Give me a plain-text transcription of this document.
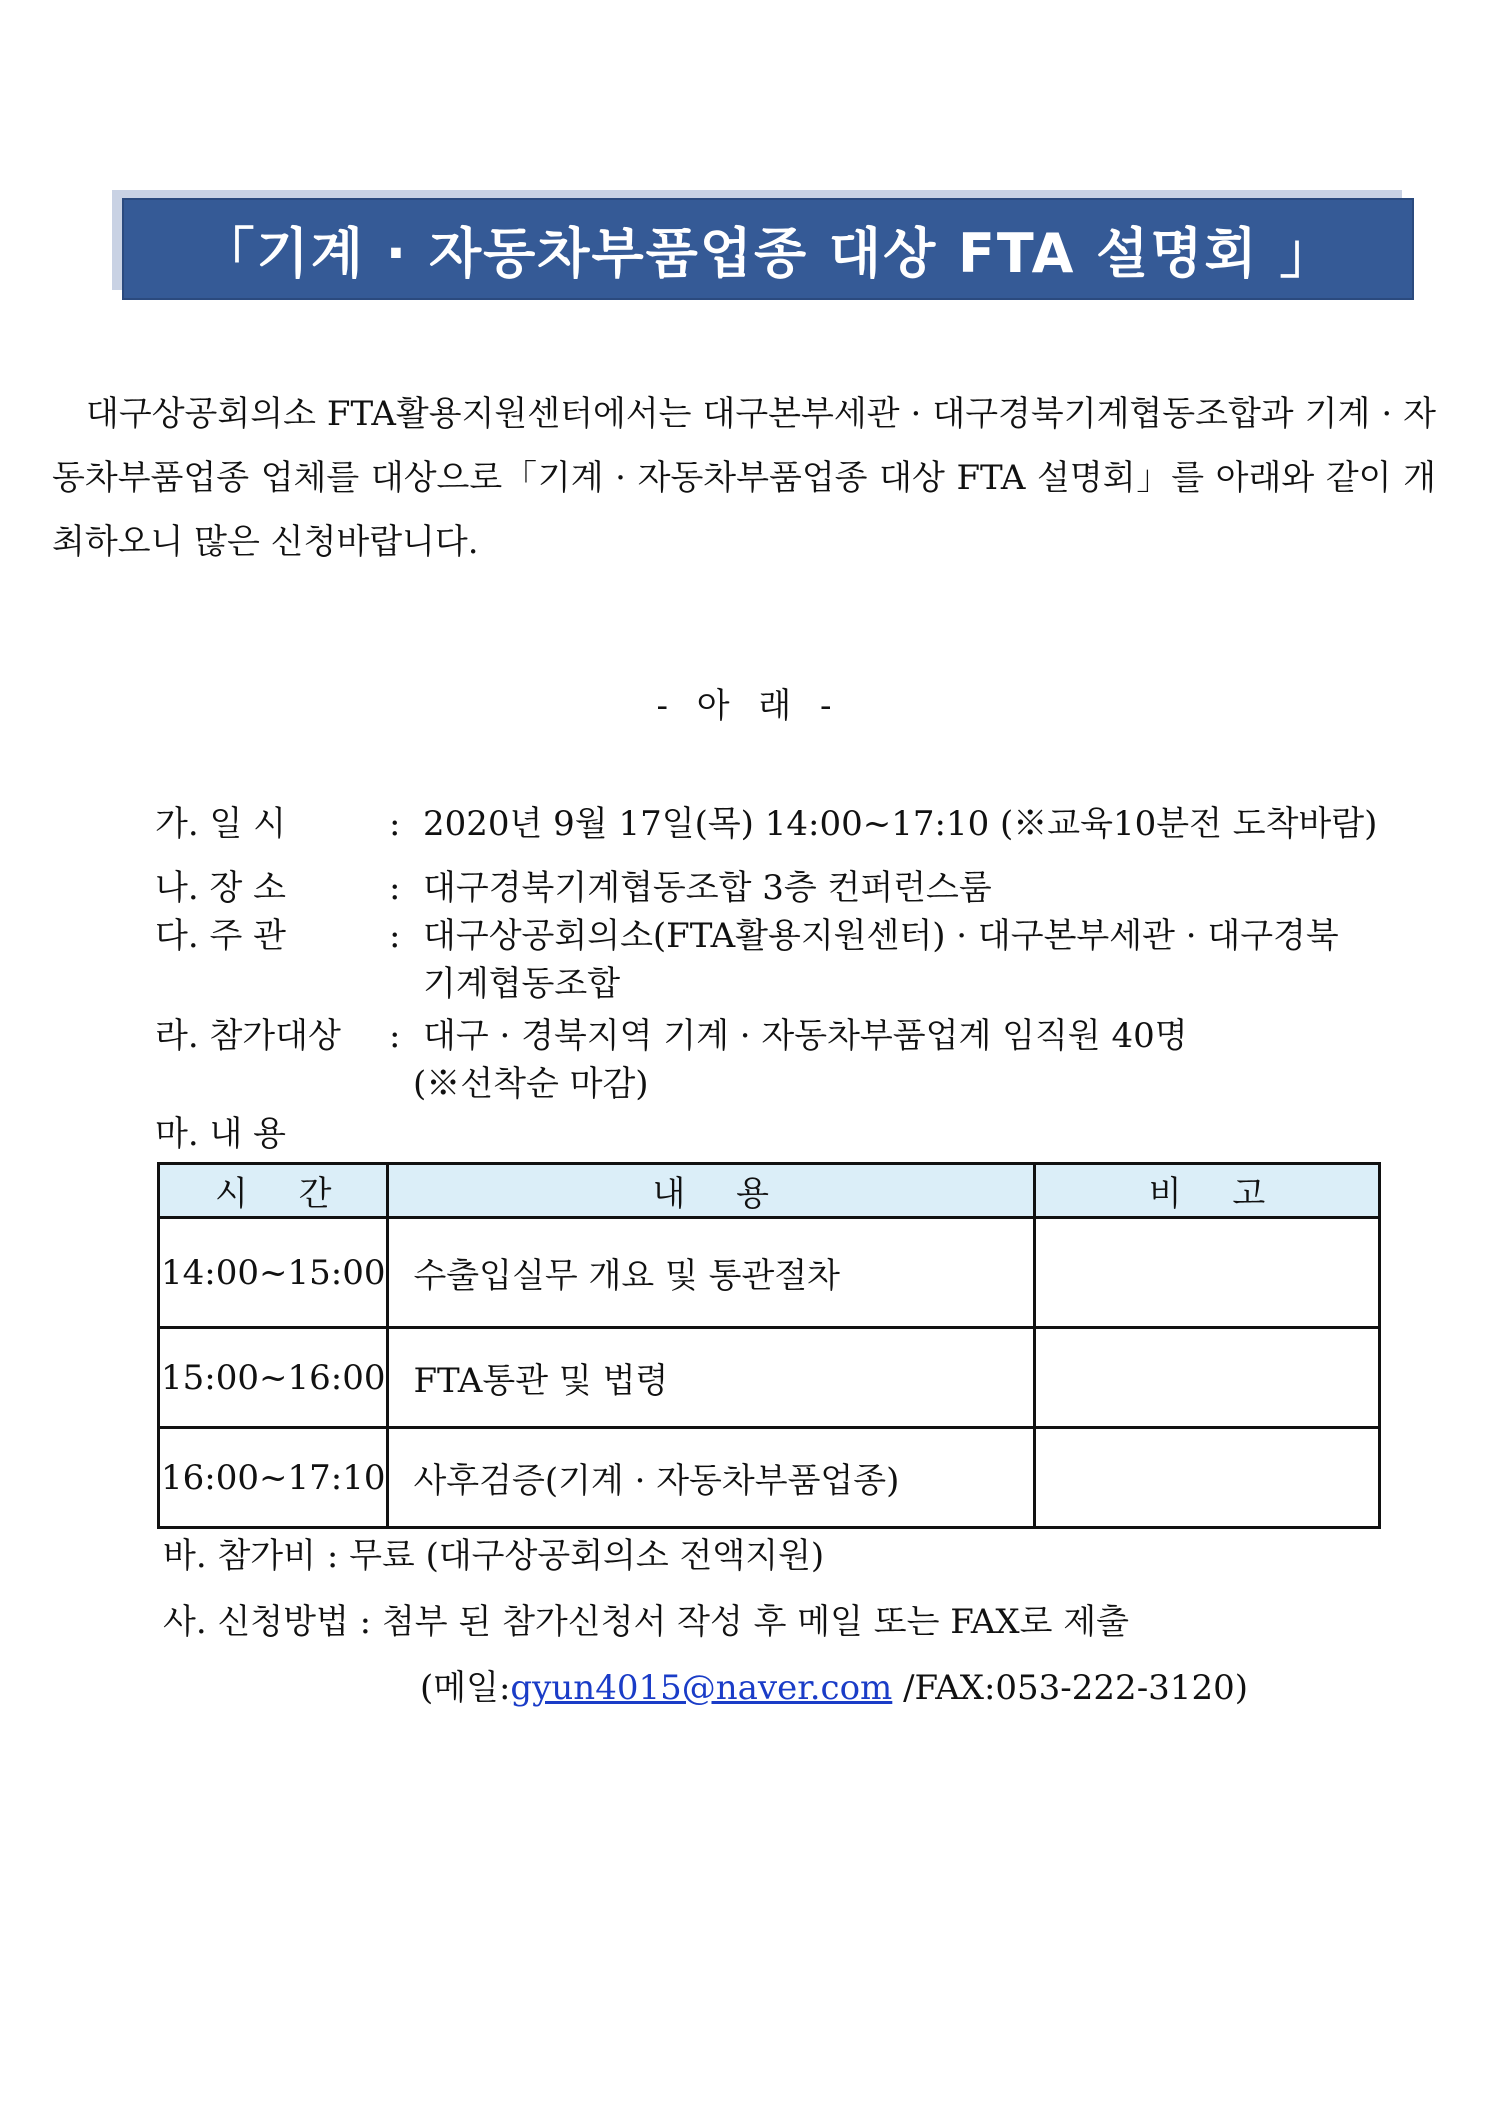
「기계 · 자동차부품업종 대상 FTA 설명회 」

대구상공회의소 FTA활용지원센터에서는 대구본부세관 · 대구경북기계협동조합과 기계 · 자동차부품업종 업체를 대상으로「기계 · 자동차부품업종 대상 FTA 설명회」를 아래와 같이 개최하오니 많은 신청바랍니다.

- 아 래 -
가. 일 시	: 2020년 9월 17일(목) 14:00~17:10 (※교육10분전 도착바람)
나. 장 소	: 대구경북기계협동조합 3층 컨퍼런스룸
다. 주 관	: 대구상공회의소(FTA활용지원센터) · 대구본부세관 · 대구경북
기계협동조합
라. 참가대상 : 대구 · 경북지역 기계 · 자동차부품업계 임직원 40명
(※선착순 마감)
마. 내 용
시 간	내 용	비 고
14:00~15:00	수출입실무 개요 및 통관절차	
15:00~16:00	FTA통관 및 법령	
16:00~17:10	사후검증(기계 · 자동차부품업종)	
바. 참가비 : 무료 (대구상공회의소 전액지원)
사. 신청방법 : 첨부 된 참가신청서 작성 후 메일 또는 FAX로 제출
(메일:gyun4015@naver.com /FAX:053-222-3120)
